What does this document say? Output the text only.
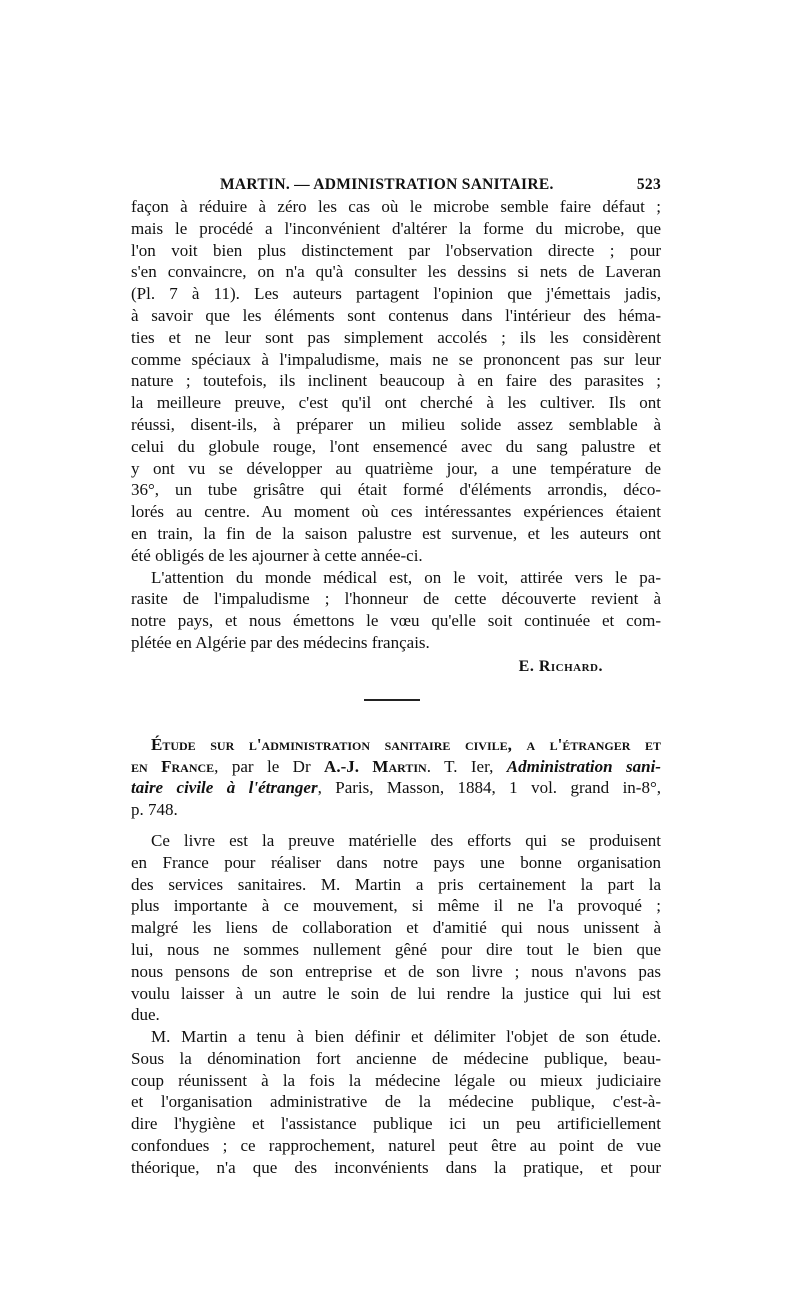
MARTIN. — ADMINISTRATION SANITAIRE.	523
façon à réduire à zéro les cas où le microbe semble faire défaut ;
mais le procédé a l'inconvénient d'altérer la forme du microbe, que
l'on voit bien plus distinctement par l'observation directe ; pour
s'en convaincre, on n'a qu'à consulter les dessins si nets de Laveran
(Pl. 7 à 11). Les auteurs partagent l'opinion que j'émettais jadis,
à savoir que les éléments sont contenus dans l'intérieur des héma-
ties et ne leur sont pas simplement accolés ; ils les considèrent
comme spéciaux à l'impaludisme, mais ne se prononcent pas sur leur
nature ; toutefois, ils inclinent beaucoup à en faire des parasites ;
la meilleure preuve, c'est qu'il ont cherché à les cultiver. Ils ont
réussi, disent-ils, à préparer un milieu solide assez semblable à
celui du globule rouge, l'ont ensemencé avec du sang palustre et
y ont vu se développer au quatrième jour, a une température de
36°, un tube grisâtre qui était formé d'éléments arrondis, déco-
lorés au centre. Au moment où ces intéressantes expériences étaient
en train, la fin de la saison palustre est survenue, et les auteurs ont
été obligés de les ajourner à cette année-ci.
L'attention du monde médical est, on le voit, attirée vers le pa-
rasite de l'impaludisme ; l'honneur de cette découverte revient à
notre pays, et nous émettons le vœu qu'elle soit continuée et com-
plétée en Algérie par des médecins français.
E. Richard.
Étude sur l'administration sanitaire civile, a l'étranger et
en France, par le Dr A.-J. Martin. T. Ier, Administration sani-
taire civile à l'étranger, Paris, Masson, 1884, 1 vol. grand in-8°,
p. 748.
Ce livre est la preuve matérielle des efforts qui se produisent
en France pour réaliser dans notre pays une bonne organisation
des services sanitaires. M. Martin a pris certainement la part la
plus importante à ce mouvement, si même il ne l'a provoqué ;
malgré les liens de collaboration et d'amitié qui nous unissent à
lui, nous ne sommes nullement gêné pour dire tout le bien que
nous pensons de son entreprise et de son livre ; nous n'avons pas
voulu laisser à un autre le soin de lui rendre la justice qui lui est
due.
M. Martin a tenu à bien définir et délimiter l'objet de son étude.
Sous la dénomination fort ancienne de médecine publique, beau-
coup réunissent à la fois la médecine légale ou mieux judiciaire
et l'organisation administrative de la médecine publique, c'est-à-
dire l'hygiène et l'assistance publique ici un peu artificiellement
confondues ; ce rapprochement, naturel peut être au point de vue
théorique, n'a que des inconvénients dans la pratique, et pour
